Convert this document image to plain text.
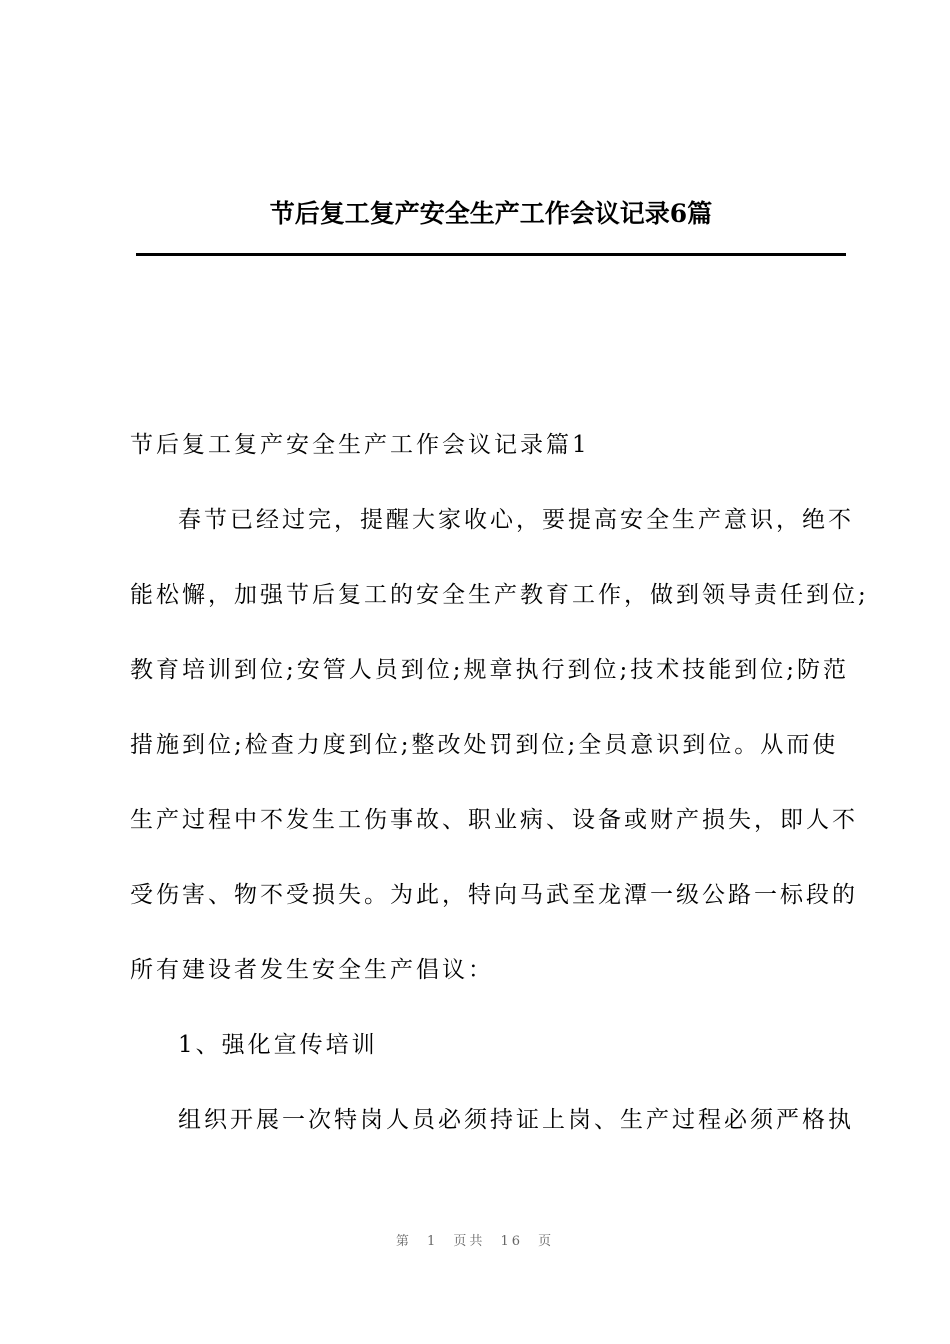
节后复工复产安全生产工作会议记录6篇
节后复工复产安全生产工作会议记录篇1
春节已经过完，提醒大家收心，要提高安全生产意识，绝不
能松懈，加强节后复工的安全生产教育工作，做到领导责任到位;
教育培训到位;安管人员到位;规章执行到位;技术技能到位;防范
措施到位;检查力度到位;整改处罚到位;全员意识到位。从而使
生产过程中不发生工伤事故、职业病、设备或财产损失，即人不
受伤害、物不受损失。为此，特向马武至龙潭一级公路一标段的
所有建设者发生安全生产倡议：
1、强化宣传培训
组织开展一次特岗人员必须持证上岗、生产过程必须严格执
第 1 页共 16 页
